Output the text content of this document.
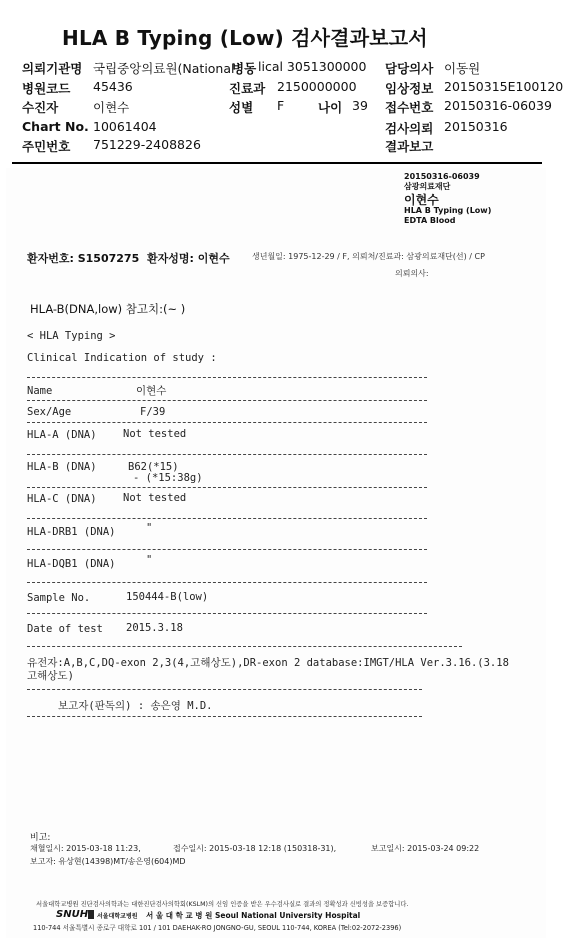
HLA B Typing (Low) 검사결과보고서
의뢰기관명 국립중앙의료원(National
병동 lical 3051300000 담당의사 이동원
병원코드 45436	진료과 2150000000 임상정보 20150315E100120
수진자	이현수	성별 F	나이 39 접수번호 20150316-06039
Chart No. 10061404	검사의뢰 20150316
주민번호 751229-2408826	결과보고
20150316-06039
삼광의료재단
이현수
HLA B Typing (Low)
EDTA Blood
환자번호: S1507275 환자성명: 이현수	생년월일: 1975-12-29 / F, 의뢰처/진료과: 삼광의료재단(선) / CP
의뢰의사:
HLA-B(DNA,low) 참고치:(~ )
< HLA Typing >
Clinical Indication of study :
Name	이현수
Sex/Age	F/39
HLA-A (DNA)	Not tested
HLA-B (DNA)	B62(*15)
- (*15:38g)
HLA-C (DNA)	Not tested
HLA-DRB1 (DNA)	"
HLA-DQB1 (DNA)	"
Sample No.	150444-B(low)
Date of test 2015.3.18
유전자:A,B,C,DQ-exon 2,3(4,고해상도),DR-exon 2 database:IMGT/HLA Ver.3.16.(3.18
고해상도)
보고자(판독의) : 송은영 M.D.
비고:
채혈일시: 2015-03-18 11:23,	접수일시: 2015-03-18 12:18 (150318-31),	보고일시: 2015-03-24 09:22
보고자: 유상현(14398)MT/송은영(604)MD
서울대학교병원 진단검사의학과는 대한진단검사의학회(KSLM)의 신임 인증을 받은 우수검사실로 결과의 정확성과 신빙성을 보증합니다.
SNUH 서울대학교병원 서 울 대 학 교 병 원 Seoul National University Hospital
110-744 서울특별시 종로구 대학로 101 / 101 DAEHAK-RO JONGNO-GU, SEOUL 110-744, KOREA (Tel:02-2072-2396)
